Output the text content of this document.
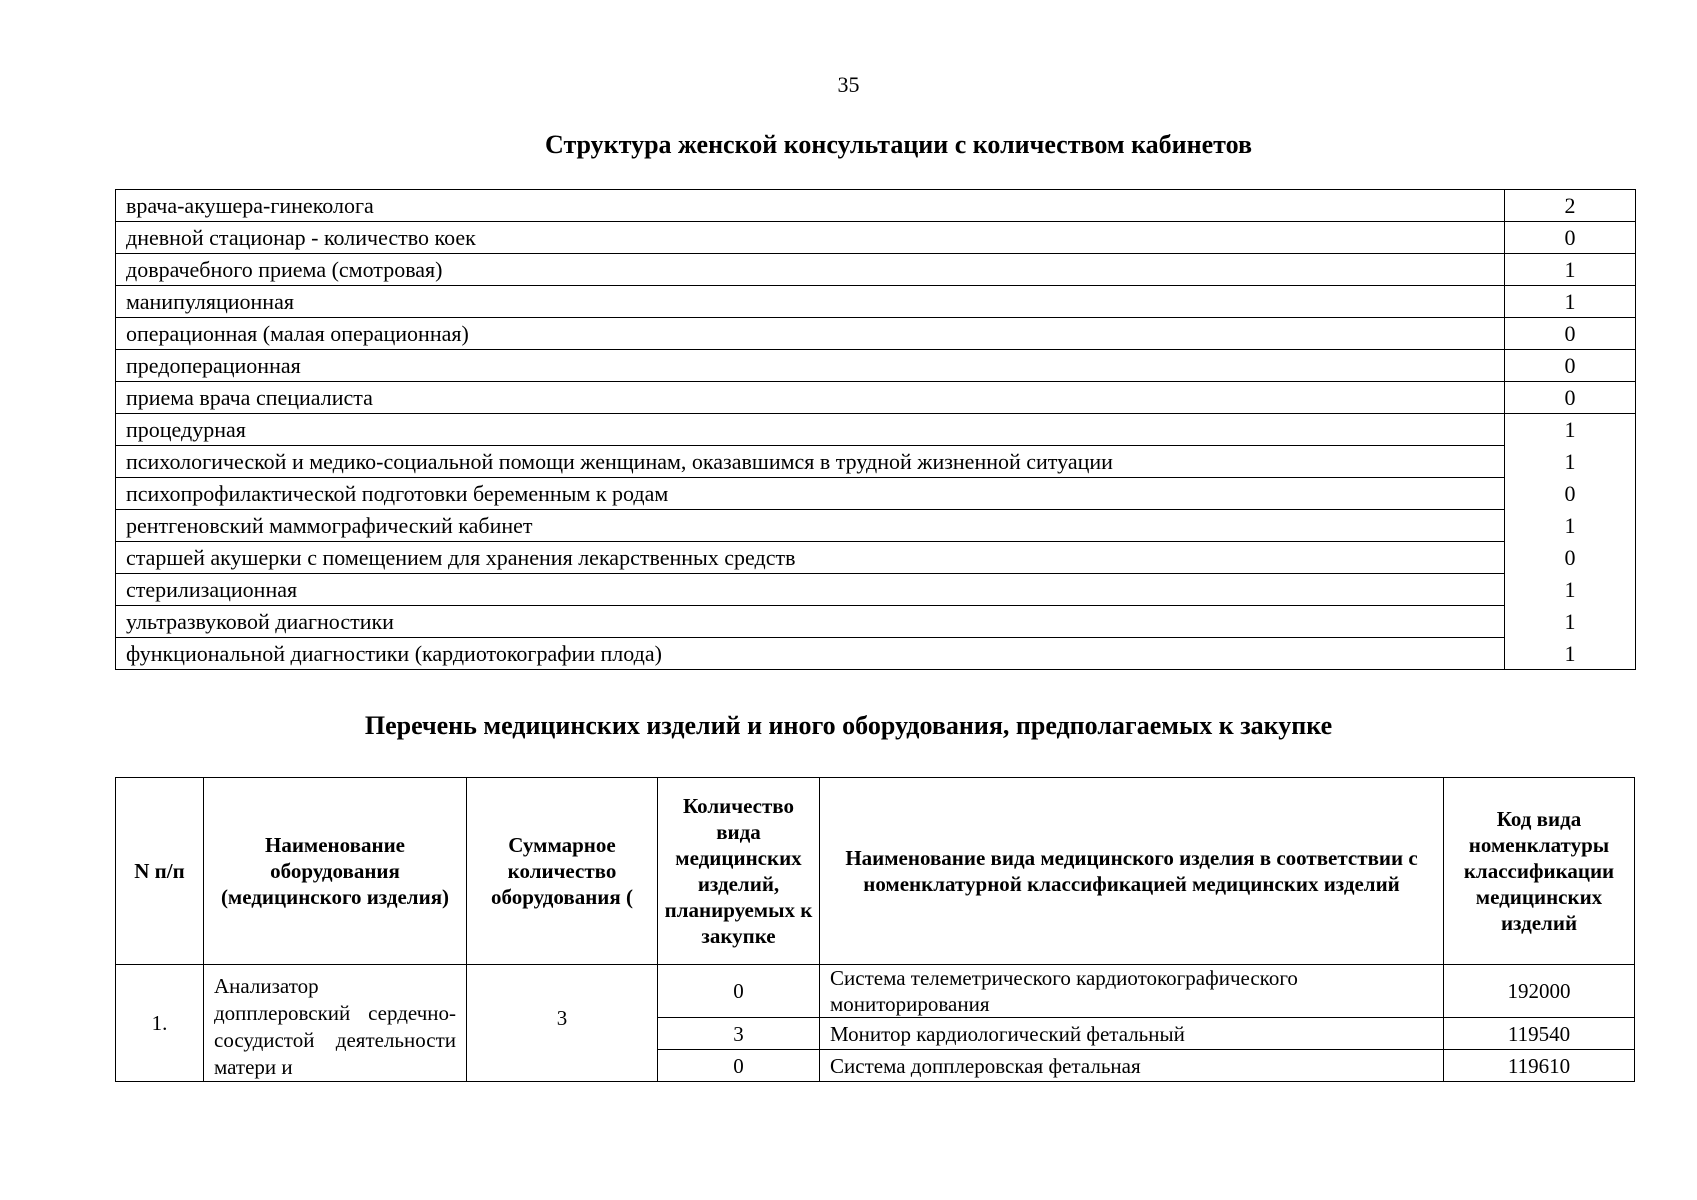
35
Структура женской консультации с количеством кабинетов
врача-акушера-гинеколога	2
дневной стационар - количество коек	0
доврачебного приема (смотровая)	1
манипуляционная	1
операционная (малая операционная)	0
предоперационная	0
приема врача специалиста	0
процедурная	1
психологической и медико-социальной помощи женщинам, оказавшимся в трудной жизненной ситуации	1
психопрофилактической подготовки беременным к родам	0
рентгеновский маммографический кабинет	1
старшей акушерки с помещением для хранения лекарственных средств	0
стерилизационная	1
ультразвуковой диагностики	1
функциональной диагностики (кардиотокографии плода)	1
Перечень медицинских изделий и иного оборудования, предполагаемых к закупке
N п/п	Наименование оборудования (медицинского изделия)	Суммарное количество оборудования (	Количество вида медицинских изделий, планируемых к закупке	Наименование вида медицинского изделия в соответствии с номенклатурной классификацией медицинских изделий	Код вида номенклатуры классификации медицинских изделий
1.	Анализатор допплеровский сердечно- сосудистой деятельности матери и	3	0	Система телеметрического кардиотокографического мониторирования	192000
			3	Монитор кардиологический фетальный	119540
			0	Система допплеровская фетальная	119610
